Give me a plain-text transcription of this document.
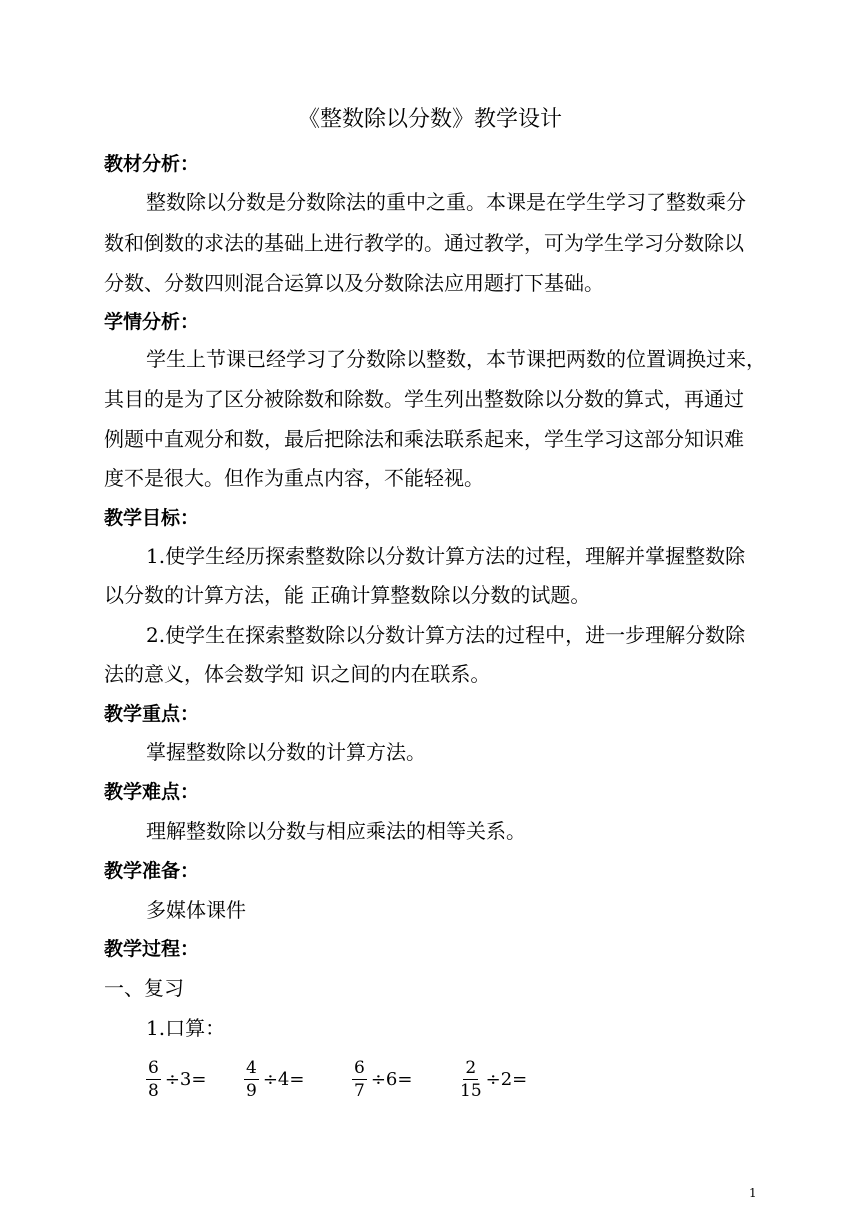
《整数除以分数》教学设计
教材分析：
整数除以分数是分数除法的重中之重。本课是在学生学习了整数乘分
数和倒数的求法的基础上进行教学的。通过教学，可为学生学习分数除以
分数、分数四则混合运算以及分数除法应用题打下基础。
学情分析：
学生上节课已经学习了分数除以整数，本节课把两数的位置调换过来，
其目的是为了区分被除数和除数。学生列出整数除以分数的算式，再通过
例题中直观分和数，最后把除法和乘法联系起来，学生学习这部分知识难
度不是很大。但作为重点内容，不能轻视。
教学目标：
1.使学生经历探索整数除以分数计算方法的过程，理解并掌握整数除
以分数的计算方法，能 正确计算整数除以分数的试题。
2.使学生在探索整数除以分数计算方法的过程中，进一步理解分数除
法的意义，体会数学知 识之间的内在联系。
教学重点：
掌握整数除以分数的计算方法。
教学难点：
理解整数除以分数与相应乘法的相等关系。
教学准备：
多媒体课件
教学过程：
一、复习
1.口算：
$\frac{6}{8} \div 3= \frac{4}{9} \div 4=$	$\frac{6}{7} \div 6=$	$\frac{2}{15} \div 2=$
1
